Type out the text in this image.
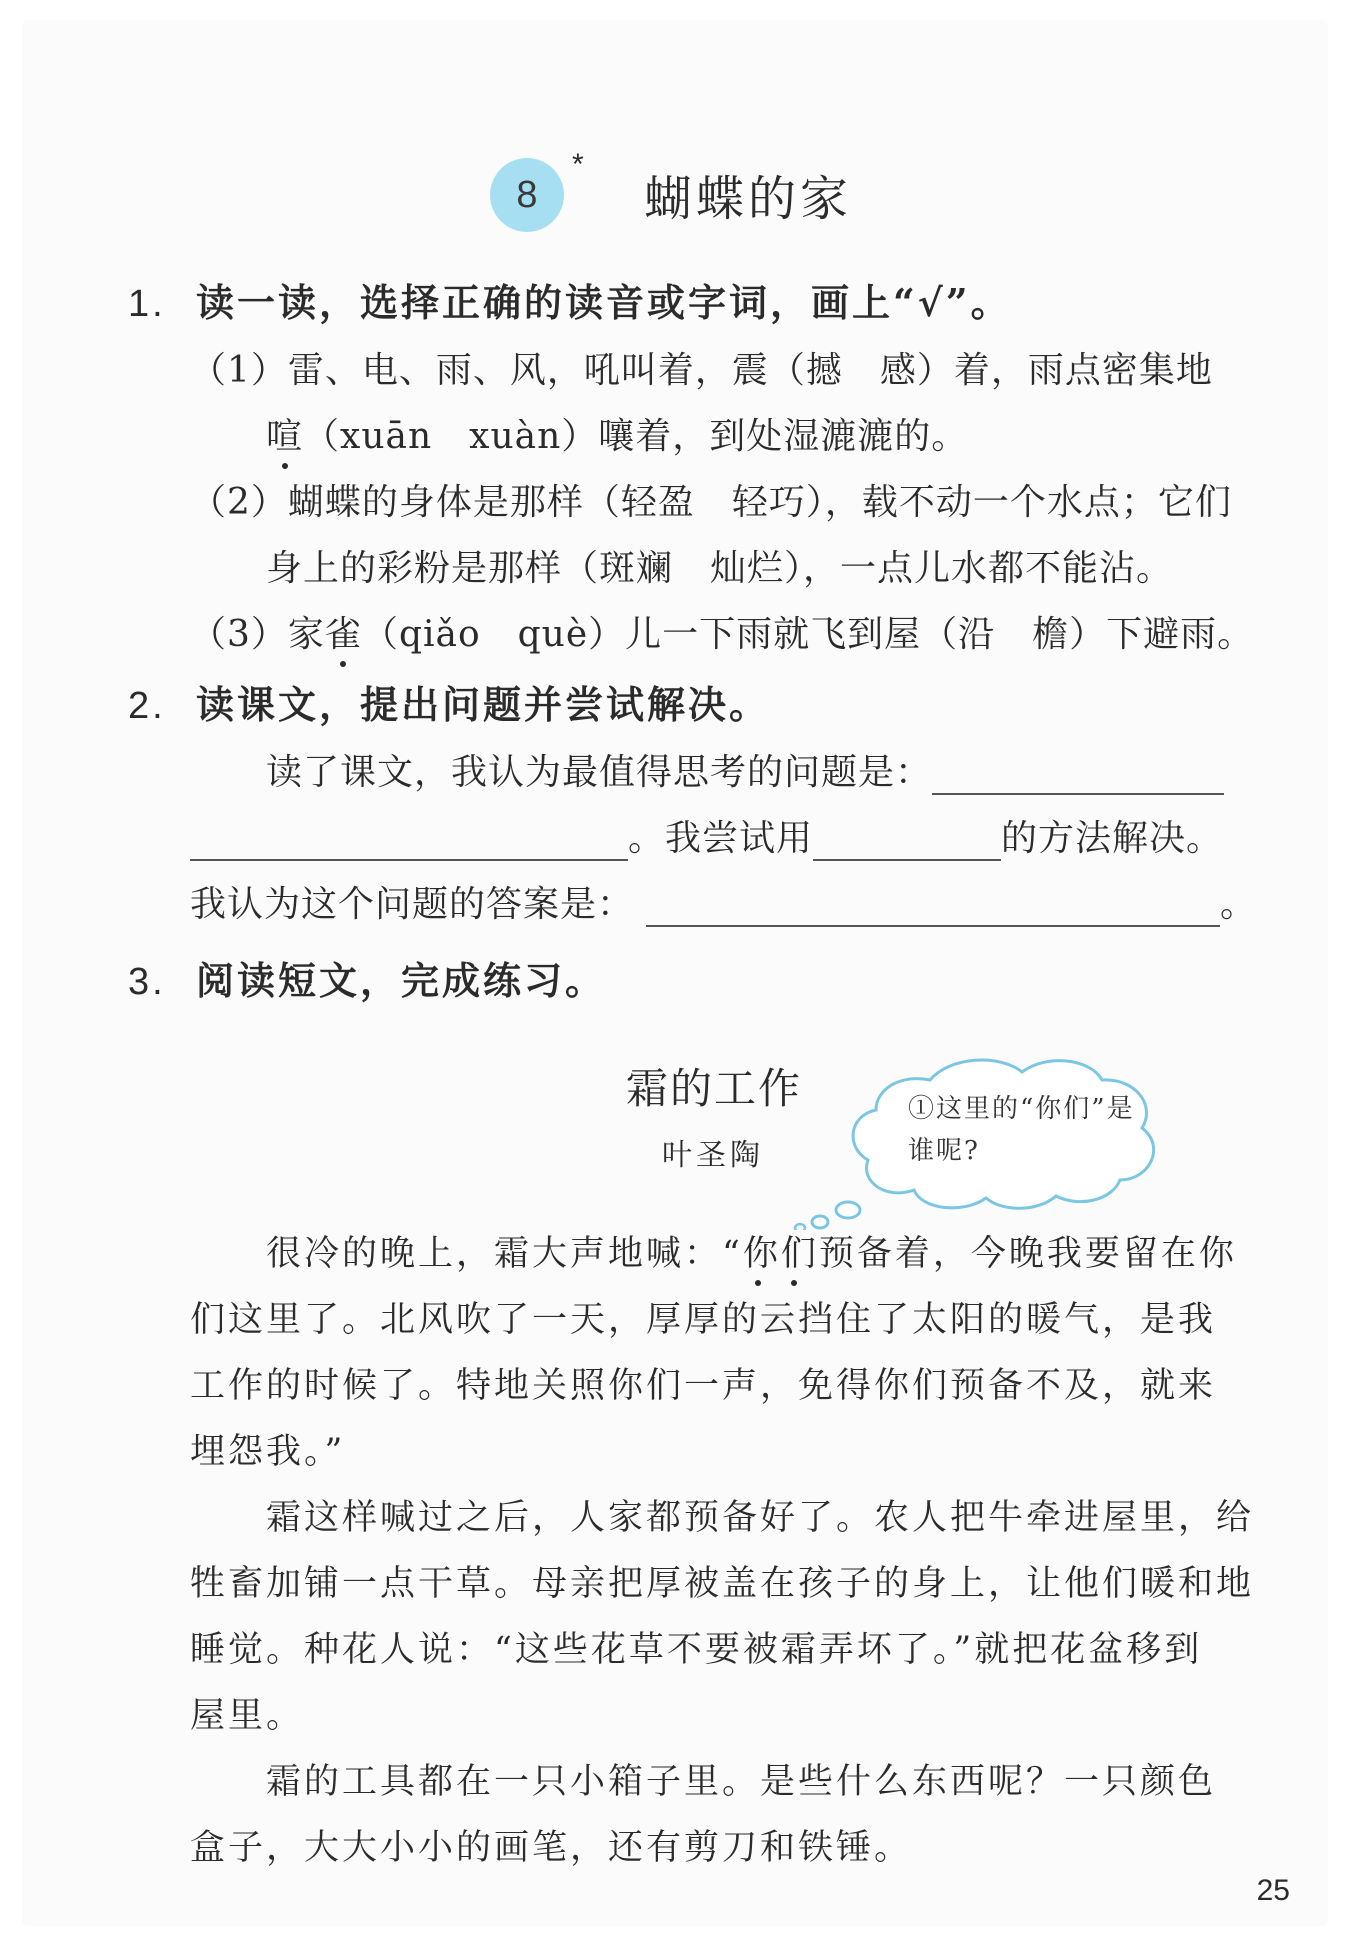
8
*
蝴蝶的家
1. 读一读，选择正确的读音或字词，画上“√”。
（1）雷、电、雨、风，吼叫着，震（撼　感）着，雨点密集地
喧（xuān　xuàn）嚷着，到处湿漉漉的。
（2）蝴蝶的身体是那样（轻盈　轻巧），载不动一个水点；它们
身上的彩粉是那样（斑斓　灿烂），一点儿水都不能沾。
（3）家雀（qiǎo　què）儿一下雨就飞到屋（沿　檐）下避雨。
2. 读课文，提出问题并尝试解决。
读了课文，我认为最值得思考的问题是：
。我尝试用	的方法解决。
我认为这个问题的答案是：	。
3. 阅读短文，完成练习。
霜的工作
叶圣陶
①这里的“你们”是谁呢?
很冷的晚上，霜大声地喊：“你们
预备着，今晚我要留在你
们这里了。北风吹了一天，厚厚的云挡住了太阳的暖气，是我
工作的时候了。特地关照你们一声，免得你们预备不及，就来
埋怨我。”
霜这样喊过之后，人家都预备好了。农人把牛牵进屋里，给
牲畜加铺一点干草。母亲把厚被盖在孩子的身上，让他们暖和地
睡觉。种花人说：“这些花草不要被霜弄坏了。”就把花盆移到
屋里。
霜的工具都在一只小箱子里。是些什么东西呢？一只颜色
盒子，大大小小的画笔，还有剪刀和铁锤。
25
